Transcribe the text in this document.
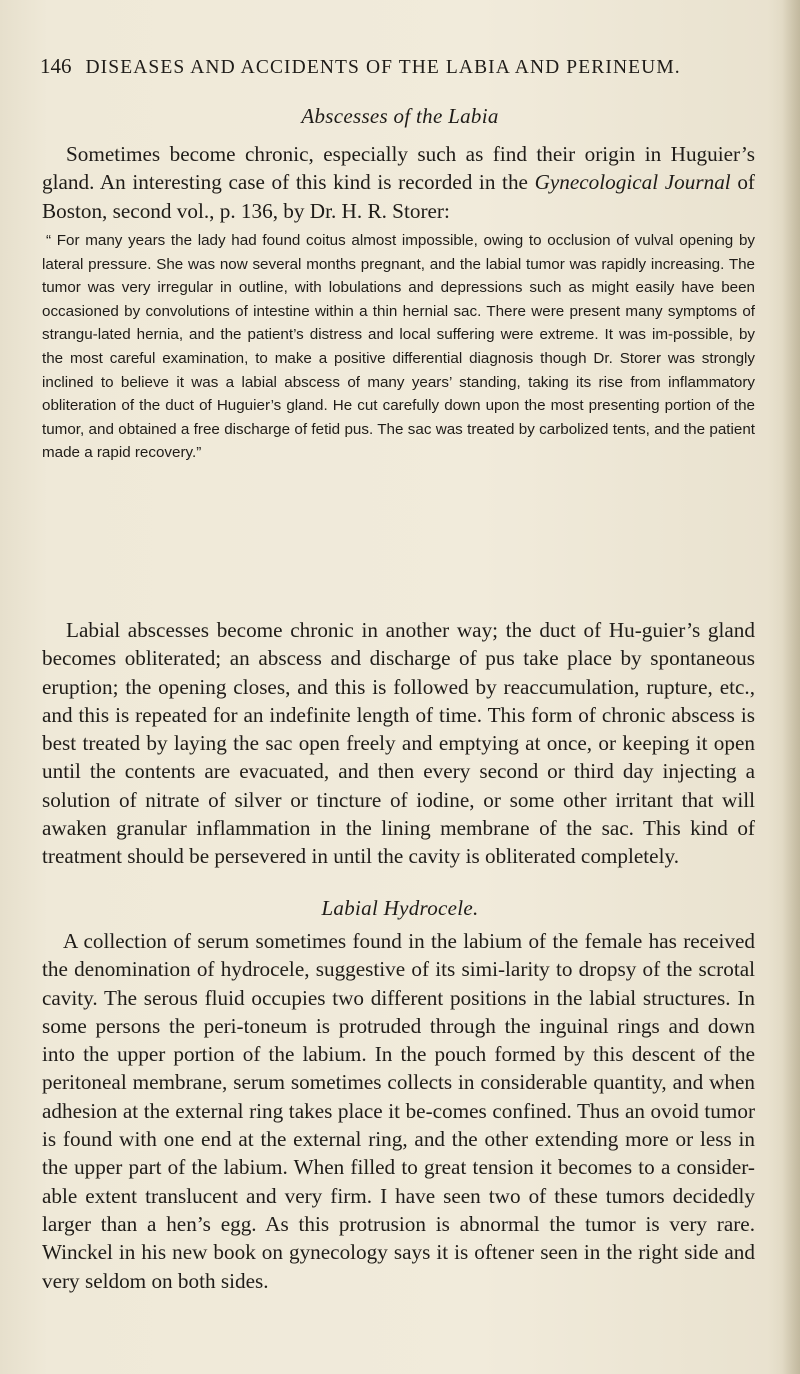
146 DISEASES AND ACCIDENTS OF THE LABIA AND PERINEUM.
Abscesses of the Labia

Sometimes become chronic, especially such as find their origin in Huguier’s gland. An interesting case of this kind is recorded in the Gynecological Journal of Boston, second vol., p. 136, by Dr. H. R. Storer:

“ For many years the lady had found coitus almost impossible, owing to occlusion of vulval opening by lateral pressure. She was now several months pregnant, and the labial tumor was rapidly increasing. The tumor was very irregular in outline, with lobulations and depressions such as might easily have been occasioned by convolutions of intestine within a thin hernial sac. There were present many symptoms of strangu-lated hernia, and the patient’s distress and local suffering were extreme. It was im-possible, by the most careful examination, to make a positive differential diagnosis though Dr. Storer was strongly inclined to believe it was a labial abscess of many years’ standing, taking its rise from inflammatory obliteration of the duct of Huguier’s gland. He cut carefully down upon the most presenting portion of the tumor, and obtained a free discharge of fetid pus. The sac was treated by carbolized tents, and the patient made a rapid recovery.”

Labial abscesses become chronic in another way; the duct of Hu-guier’s gland becomes obliterated; an abscess and discharge of pus take place by spontaneous eruption; the opening closes, and this is followed by reaccumulation, rupture, etc., and this is repeated for an indefinite length of time. This form of chronic abscess is best treated by laying the sac open freely and emptying at once, or keeping it open until the contents are evacuated, and then every second or third day injecting a solution of nitrate of silver or tincture of iodine, or some other irritant that will awaken granular inflammation in the lining membrane of the sac. This kind of treatment should be persevered in until the cavity is obliterated completely.

Labial Hydrocele.

A collection of serum sometimes found in the labium of the female has received the denomination of hydrocele, suggestive of its simi-larity to dropsy of the scrotal cavity. The serous fluid occupies two different positions in the labial structures. In some persons the peri-toneum is protruded through the inguinal rings and down into the upper portion of the labium. In the pouch formed by this descent of the peritoneal membrane, serum sometimes collects in considerable quantity, and when adhesion at the external ring takes place it be-comes confined. Thus an ovoid tumor is found with one end at the external ring, and the other extending more or less in the upper part of the labium. When filled to great tension it becomes to a consider-able extent translucent and very firm. I have seen two of these tumors decidedly larger than a hen’s egg. As this protrusion is abnormal the tumor is very rare. Winckel in his new book on gynecology says it is oftener seen in the right side and very seldom on both sides.
